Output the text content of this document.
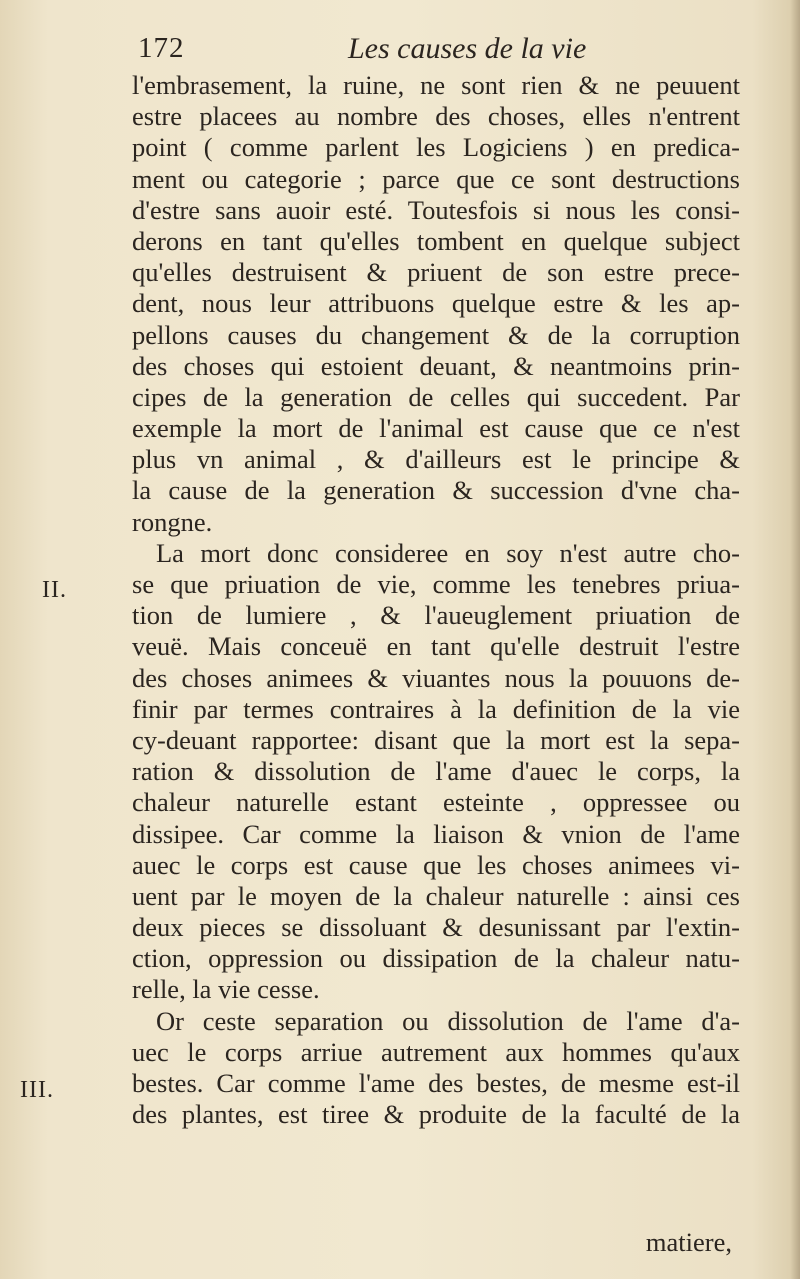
172	Les causes de la vie
II.
III.
l'embrasement, la ruine, ne sont rien & ne peuuent
estre placees au nombre des choses, elles n'entrent
point ( comme parlent les Logiciens ) en predica-
ment ou categorie ; parce que ce sont destructions
d'estre sans auoir esté. Toutesfois si nous les consi-
derons en tant qu'elles tombent en quelque subject
qu'elles destruisent & priuent de son estre prece-
dent, nous leur attribuons quelque estre & les ap-
pellons causes du changement & de la corruption
des choses qui estoient deuant, & neantmoins prin-
cipes de la generation de celles qui succedent. Par
exemple la mort de l'animal est cause que ce n'est
plus vn animal , & d'ailleurs est le principe &
la cause de la generation & succession d'vne cha-
rongne.
La mort donc consideree en soy n'est autre cho-
se que priuation de vie, comme les tenebres priua-
tion de lumiere , & l'aueuglement priuation de
veuë. Mais conceuë en tant qu'elle destruit l'estre
des choses animees & viuantes nous la pouuons de-
finir par termes contraires à la definition de la vie
cy-deuant rapportee: disant que la mort est la sepa-
ration & dissolution de l'ame d'auec le corps, la
chaleur naturelle estant esteinte , oppressee ou
dissipee. Car comme la liaison & vnion de l'ame
auec le corps est cause que les choses animees vi-
uent par le moyen de la chaleur naturelle : ainsi ces
deux pieces se dissoluant & desunissant par l'extin-
ction, oppression ou dissipation de la chaleur natu-
relle, la vie cesse.
Or ceste separation ou dissolution de l'ame d'a-
uec le corps arriue autrement aux hommes qu'aux
bestes. Car comme l'ame des bestes, de mesme est-il
des plantes, est tiree & produite de la faculté de la
matiere,
